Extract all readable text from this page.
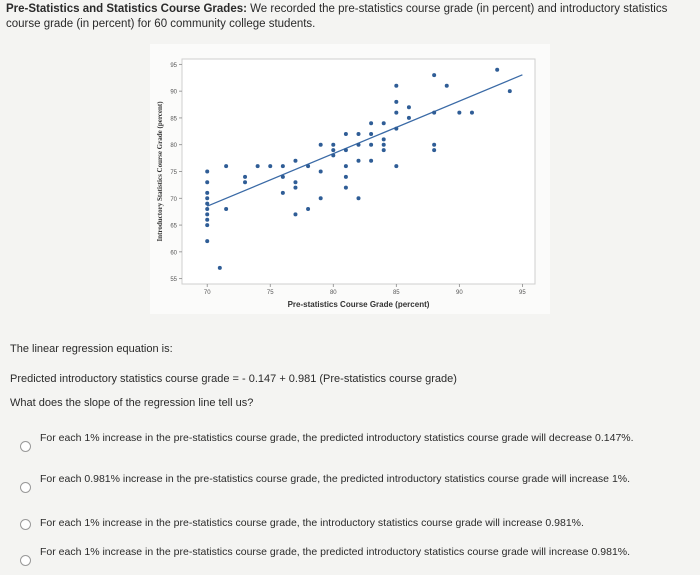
Pre-Statistics and Statistics Course Grades: We recorded the pre-statistics course grade (in percent) and introductory statistics course grade (in percent) for 60 community college students.
55
60
65
70
75
80
85
90
95
70	75	80	85	90	95
Pre-statistics Course Grade (percent)
Introductory Statistics Course Grade (percent)
The linear regression equation is:
Predicted introductory statistics course grade = - 0.147 + 0.981 (Pre-statistics course grade)
What does the slope of the regression line tell us?
For each 1% increase in the pre-statistics course grade, the predicted introductory statistics course grade will decrease 0.147%.
For each 0.981% increase in the pre-statistics course grade, the predicted introductory statistics course grade will increase 1%.
For each 1% increase in the pre-statistics course grade, the introductory statistics course grade will increase 0.981%.
For each 1% increase in the pre-statistics course grade, the predicted introductory statistics course grade will increase 0.981%.
